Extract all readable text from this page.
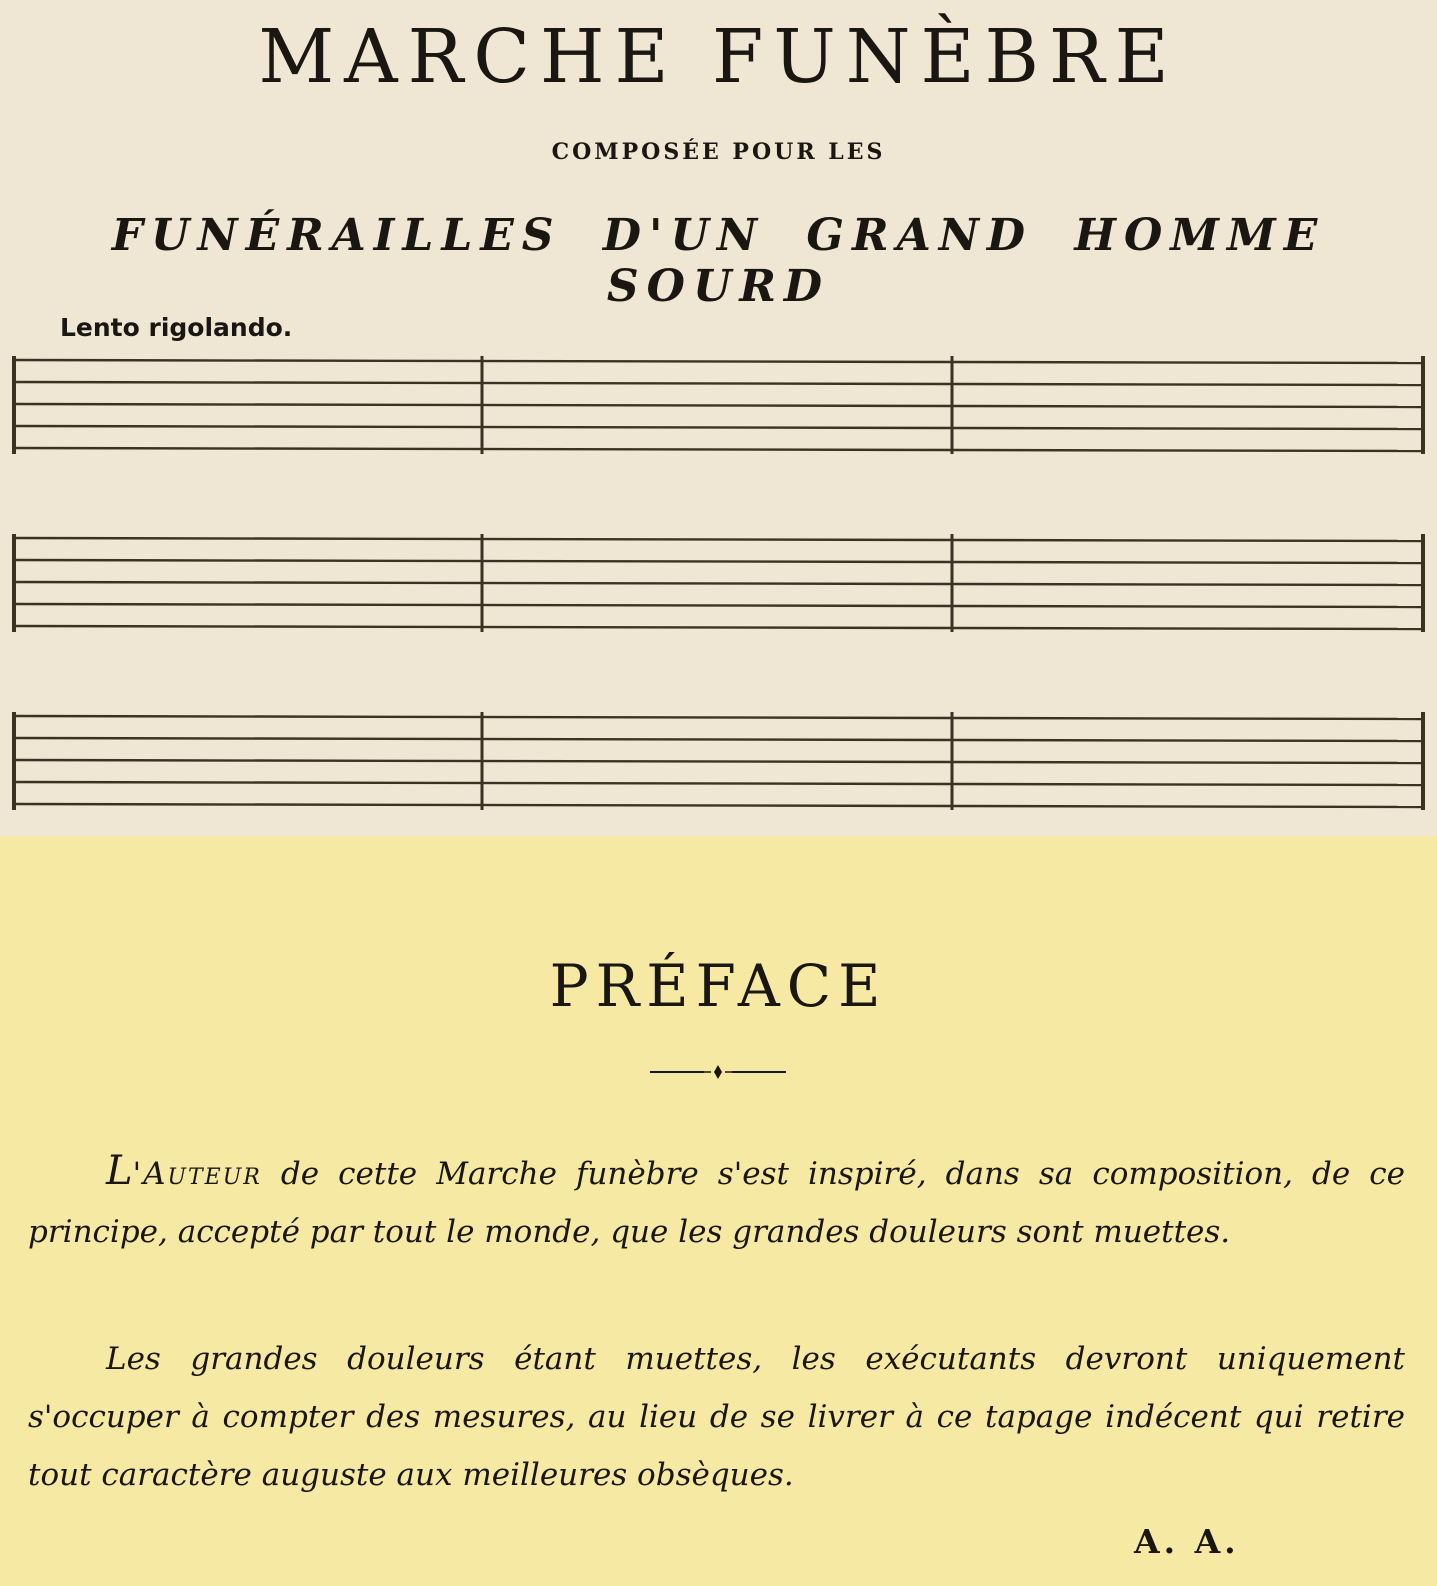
MARCHE FUNÈBRE
COMPOSÉE POUR LES
FUNÉRAILLES D'UN GRAND HOMME SOURD
Lento rigolando.
PRÉFACE

L'Auteur de cette Marche funèbre s'est inspiré, dans sa composition, de ce principe, accepté par tout le monde, que les grandes douleurs sont muettes.

Les grandes douleurs étant muettes, les exécutants devront uniquement s'occuper à compter des mesures, au lieu de se livrer à ce tapage indécent qui retire tout caractère auguste aux meilleures obsèques.

A. A.
